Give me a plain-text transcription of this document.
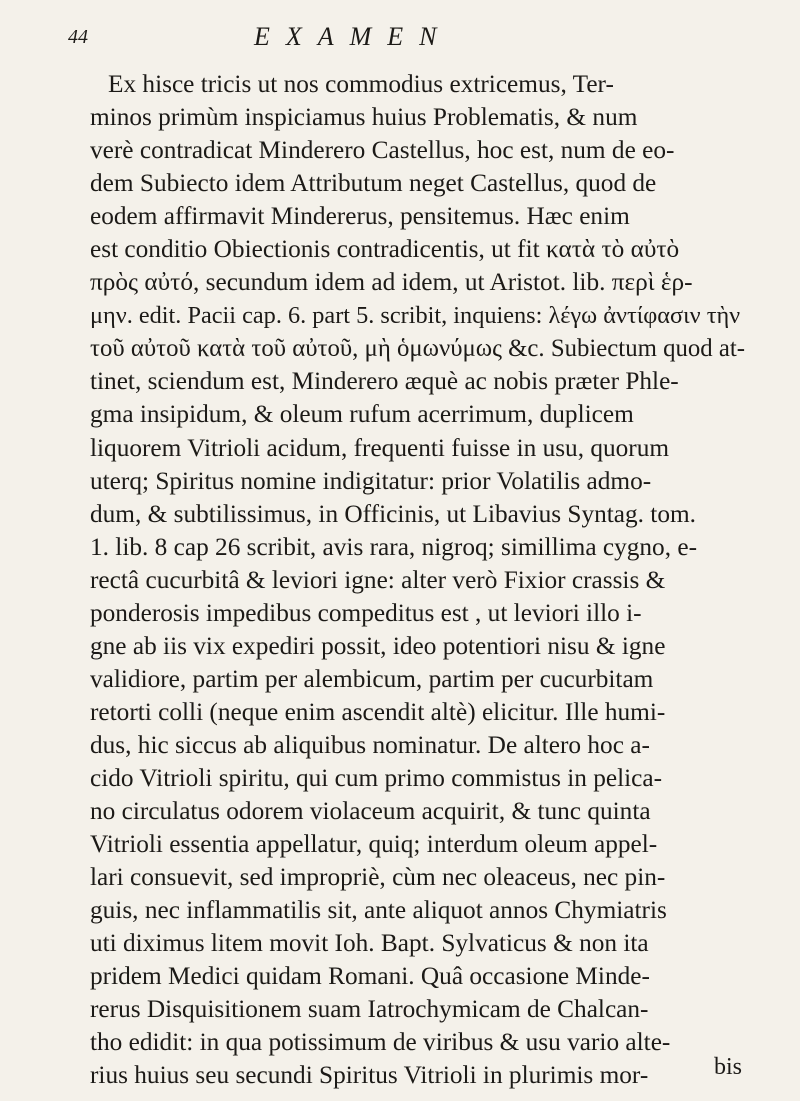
44	EXAMEN
Ex hisce tricis ut nos commodius extricemus, Ter-
minos primùm inspiciamus huius Problematis, & num
verè contradicat Minderero Castellus, hoc est, num de eo-
dem Subiecto idem Attributum neget Castellus, quod de
eodem affirmavit Mindererus, pensitemus. Hæc enim
est conditio Obiectionis contradicentis, ut fit κατὰ τὸ αὐτὸ
πρὸς αὐτό, secundum idem ad idem, ut Aristot. lib. περὶ ἑρ-
μην. edit. Pacii cap. 6. part 5. scribit, inquiens: λέγω ἀντίφασιν τὴν
τοῦ αὐτοῦ κατὰ τοῦ αὐτοῦ, μὴ ὁμωνύμως &c. Subiectum quod at-
tinet, sciendum est, Minderero æquè ac nobis præter Phle-
gma insipidum, & oleum rufum acerrimum, duplicem
liquorem Vitrioli acidum, frequenti fuisse in usu, quorum
uterq; Spiritus nomine indigitatur: prior Volatilis admo-
dum, & subtilissimus, in Officinis, ut Libavius Syntag. tom.
1. lib. 8 cap 26 scribit, avis rara, nigroq; simillima cygno, e-
rectâ cucurbitâ & leviori igne: alter verò Fixior crassis &
ponderosis impedibus compeditus est , ut leviori illo i-
gne ab iis vix expediri possit, ideo potentiori nisu & igne
validiore, partim per alembicum, partim per cucurbitam
retorti colli (neque enim ascendit altè) elicitur. Ille humi-
dus, hic siccus ab aliquibus nominatur. De altero hoc a-
cido Vitrioli spiritu, qui cum primo commistus in pelica-
no circulatus odorem violaceum acquirit, & tunc quinta
Vitrioli essentia appellatur, quiq; interdum oleum appel-
lari consuevit, sed impropriè, cùm nec oleaceus, nec pin-
guis, nec inflammatilis sit, ante aliquot annos Chymiatris
uti diximus litem movit Ioh. Bapt. Sylvaticus & non ita
pridem Medici quidam Romani. Quâ occasione Minde-
rerus Disquisitionem suam Iatrochymicam de Chalcan-
tho edidit: in qua potissimum de viribus & usu vario alte-
rius huius seu secundi Spiritus Vitrioli in plurimis mor-	bis
